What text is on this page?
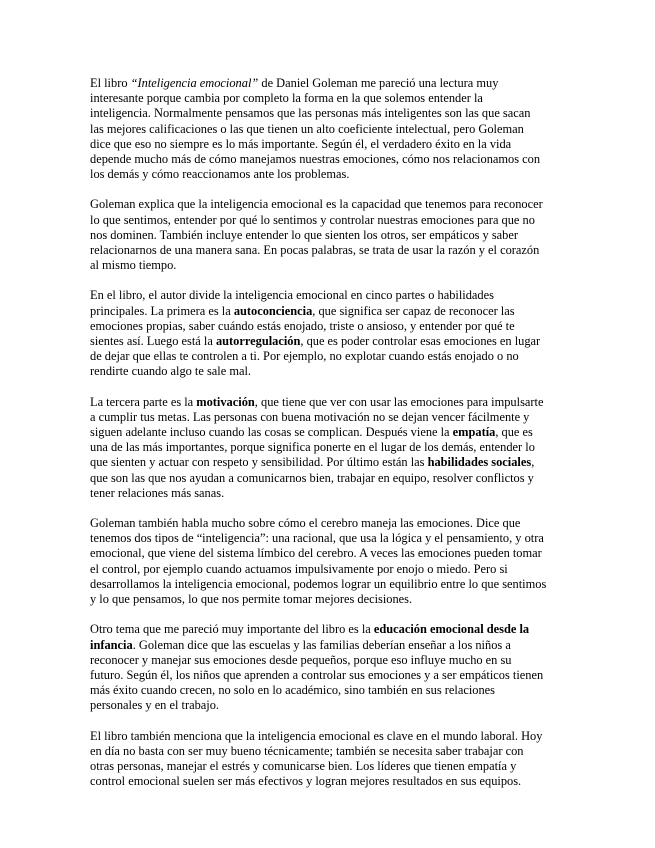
El libro “Inteligencia emocional” de Daniel Goleman me pareció una lectura muy
interesante porque cambia por completo la forma en la que solemos entender la
inteligencia. Normalmente pensamos que las personas más inteligentes son las que sacan
las mejores calificaciones o las que tienen un alto coeficiente intelectual, pero Goleman
dice que eso no siempre es lo más importante. Según él, el verdadero éxito en la vida
depende mucho más de cómo manejamos nuestras emociones, cómo nos relacionamos con
los demás y cómo reaccionamos ante los problemas.

Goleman explica que la inteligencia emocional es la capacidad que tenemos para reconocer
lo que sentimos, entender por qué lo sentimos y controlar nuestras emociones para que no
nos dominen. También incluye entender lo que sienten los otros, ser empáticos y saber
relacionarnos de una manera sana. En pocas palabras, se trata de usar la razón y el corazón
al mismo tiempo.

En el libro, el autor divide la inteligencia emocional en cinco partes o habilidades
principales. La primera es la autoconciencia, que significa ser capaz de reconocer las
emociones propias, saber cuándo estás enojado, triste o ansioso, y entender por qué te
sientes así. Luego está la autorregulación, que es poder controlar esas emociones en lugar
de dejar que ellas te controlen a ti. Por ejemplo, no explotar cuando estás enojado o no
rendirte cuando algo te sale mal.

La tercera parte es la motivación, que tiene que ver con usar las emociones para impulsarte
a cumplir tus metas. Las personas con buena motivación no se dejan vencer fácilmente y
siguen adelante incluso cuando las cosas se complican. Después viene la empatía, que es
una de las más importantes, porque significa ponerte en el lugar de los demás, entender lo
que sienten y actuar con respeto y sensibilidad. Por último están las habilidades sociales,
que son las que nos ayudan a comunicarnos bien, trabajar en equipo, resolver conflictos y
tener relaciones más sanas.

Goleman también habla mucho sobre cómo el cerebro maneja las emociones. Dice que
tenemos dos tipos de “inteligencia”: una racional, que usa la lógica y el pensamiento, y otra
emocional, que viene del sistema límbico del cerebro. A veces las emociones pueden tomar
el control, por ejemplo cuando actuamos impulsivamente por enojo o miedo. Pero si
desarrollamos la inteligencia emocional, podemos lograr un equilibrio entre lo que sentimos
y lo que pensamos, lo que nos permite tomar mejores decisiones.

Otro tema que me pareció muy importante del libro es la educación emocional desde la
infancia. Goleman dice que las escuelas y las familias deberían enseñar a los niños a
reconocer y manejar sus emociones desde pequeños, porque eso influye mucho en su
futuro. Según él, los niños que aprenden a controlar sus emociones y a ser empáticos tienen
más éxito cuando crecen, no solo en lo académico, sino también en sus relaciones
personales y en el trabajo.

El libro también menciona que la inteligencia emocional es clave en el mundo laboral. Hoy
en día no basta con ser muy bueno técnicamente; también se necesita saber trabajar con
otras personas, manejar el estrés y comunicarse bien. Los líderes que tienen empatía y
control emocional suelen ser más efectivos y logran mejores resultados en sus equipos.
